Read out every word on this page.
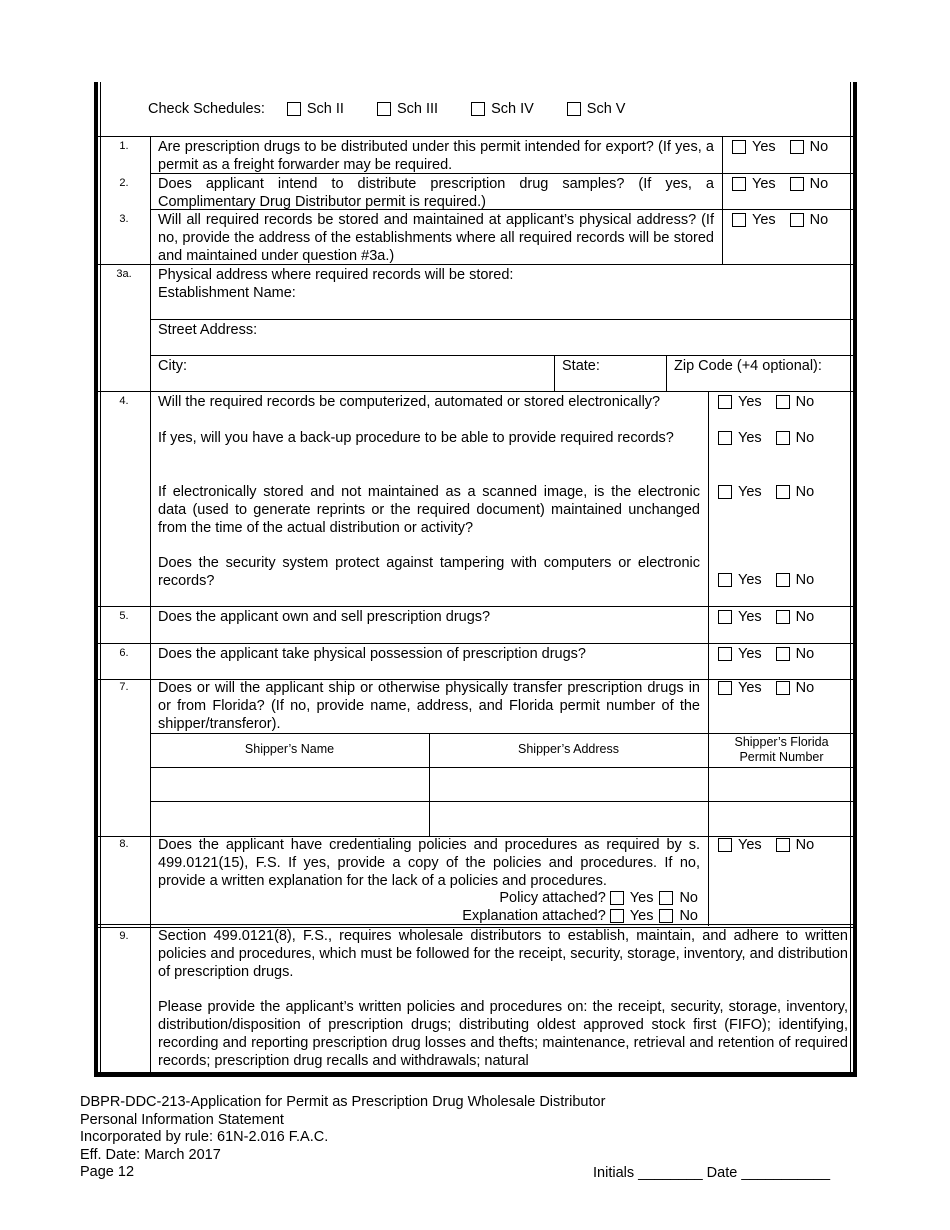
Check Schedules:	Sch II	Sch III	Sch IV	Sch V
1.	Are prescription drugs to be distributed under this permit intended for export? (If yes, a permit as a freight forwarder may be required.
Yes No
2.	Does applicant intend to distribute prescription drug samples? (If yes, a Complimentary Drug Distributor permit is required.)
Yes No
3.	Will all required records be stored and maintained at applicant’s physical address? (If no, provide the address of the establishments where all required records will be stored and maintained under question #3a.)
Yes No
3a.	Physical address where required records will be stored:
Establishment Name:
Street Address:
City:	State:	Zip Code (+4 optional):
4.	Will the required records be computerized, automated or stored electronically?	Yes No
If yes, will you have a back-up procedure to be able to provide required records?	Yes No
If electronically stored and not maintained as a scanned image, is the electronic data (used to generate reprints or the required document) maintained unchanged from the time of the actual distribution or activity?
Yes No
Does the security system protect against tampering with computers or electronic records?	Yes No
5.	Does the applicant own and sell prescription drugs?	Yes No
6.	Does the applicant take physical possession of prescription drugs?	Yes No
7.	Does or will the applicant ship or otherwise physically transfer prescription drugs in or from Florida? (If no, provide name, address, and Florida permit number of the shipper/transferor).
Yes No
Shipper’s Name	Shipper’s Address	Shipper’s Florida
Permit Number
8.	Does the applicant have credentialing policies and procedures as required by s. 499.0121(15), F.S. If yes, provide a copy of the policies and procedures. If no, provide a written explanation for the lack of a policies and procedures.
Yes No
Policy attached? Yes No
Explanation attached? Yes No
9.	Section 499.0121(8), F.S., requires wholesale distributors to establish, maintain, and adhere to written policies and procedures, which must be followed for the receipt, security, storage, inventory, and distribution of prescription drugs.
Please provide the applicant’s written policies and procedures on: the receipt, security, storage, inventory, distribution/disposition of prescription drugs; distributing oldest approved stock first (FIFO); identifying, recording and reporting prescription drug losses and thefts; maintenance, retrieval and retention of required records; prescription drug recalls and withdrawals; natural
DBPR-DDC-213-Application for Permit as Prescription Drug Wholesale Distributor
Personal Information Statement
Incorporated by rule: 61N-2.016 F.A.C.
Eff. Date: March 2017
Page 12	Initials ________ Date ___________
